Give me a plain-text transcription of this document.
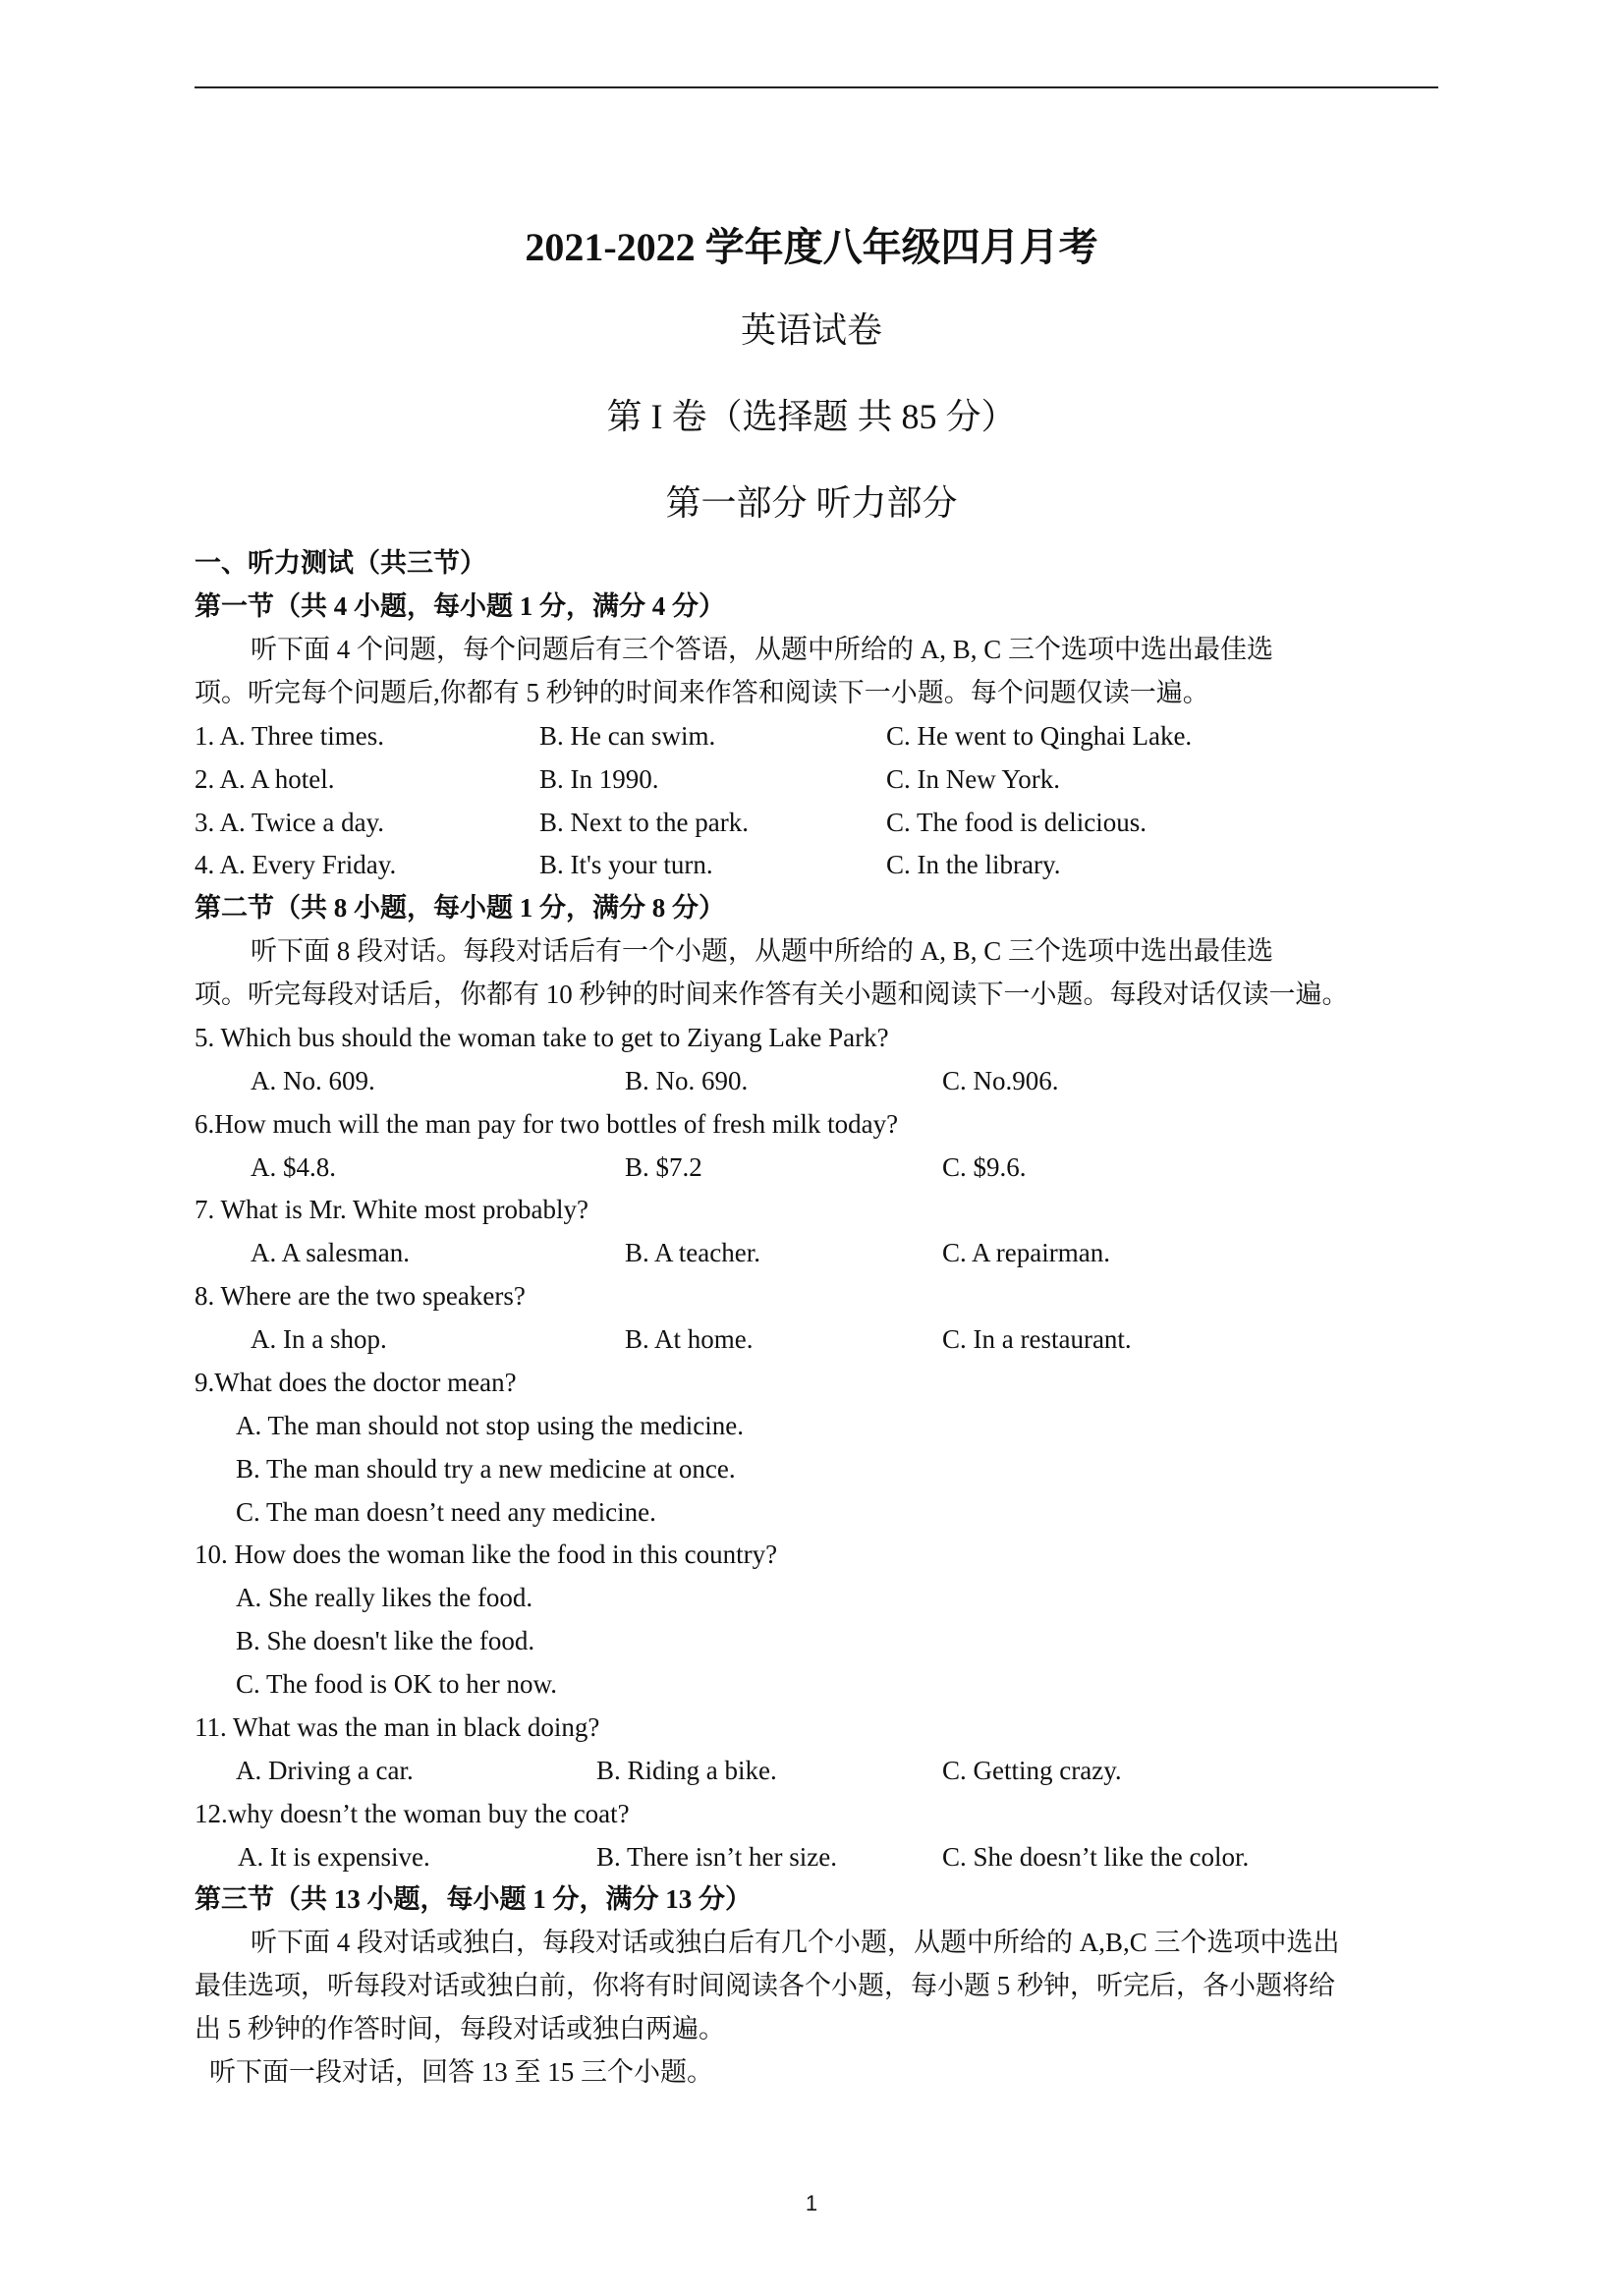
2021-2022 学年度八年级四月月考
英语试卷
第 I 卷（选择题 共 85 分）
第一部分 听力部分
一、听力测试（共三节）
第一节（共 4 小题，每小题 1 分，满分 4 分）
听下面 4 个问题，每个问题后有三个答语，从题中所给的 A, B, C 三个选项中选出最佳选
项。听完每个问题后,你都有 5 秒钟的时间来作答和阅读下一小题。每个问题仅读一遍。
1. A. Three times.	B. He can swim.	C. He went to Qinghai Lake.
2. A. A hotel.	B. In 1990.	C. In New York.
3. A. Twice a day.	B. Next to the park.	C. The food is delicious.
4. A. Every Friday.	B. It's your turn.	C. In the library.
第二节（共 8 小题，每小题 1 分，满分 8 分）
听下面 8 段对话。每段对话后有一个小题，从题中所给的 A, B, C 三个选项中选出最佳选
项。听完每段对话后，你都有 10 秒钟的时间来作答有关小题和阅读下一小题。每段对话仅读一遍。
5. Which bus should the woman take to get to Ziyang Lake Park?
A. No. 609.	B. No. 690.	C. No.906.
6.How much will the man pay for two bottles of fresh milk today?
A. $4.8.	B. $7.2	C. $9.6.
7. What is Mr. White most probably?
A. A salesman.	B. A teacher.	C. A repairman.
8. Where are the two speakers?
A. In a shop.	B. At home.	C. In a restaurant.
9.What does the doctor mean?
A. The man should not stop using the medicine.
B. The man should try a new medicine at once.
C. The man doesn’t need any medicine.
10. How does the woman like the food in this country?
A. She really likes the food.
B. She doesn't like the food.
C. The food is OK to her now.
11. What was the man in black doing?
A. Driving a car.	B. Riding a bike.	C. Getting crazy.
12.why doesn’t the woman buy the coat?
A. It is expensive.	B. There isn’t her size.	C. She doesn’t like the color.
第三节（共 13 小题，每小题 1 分，满分 13 分）
听下面 4 段对话或独白，每段对话或独白后有几个小题，从题中所给的 A,B,C 三个选项中选出
最佳选项，听每段对话或独白前，你将有时间阅读各个小题，每小题 5 秒钟，听完后，各小题将给
出 5 秒钟的作答时间，每段对话或独白两遍。
听下面一段对话，回答 13 至 15 三个小题。
1
